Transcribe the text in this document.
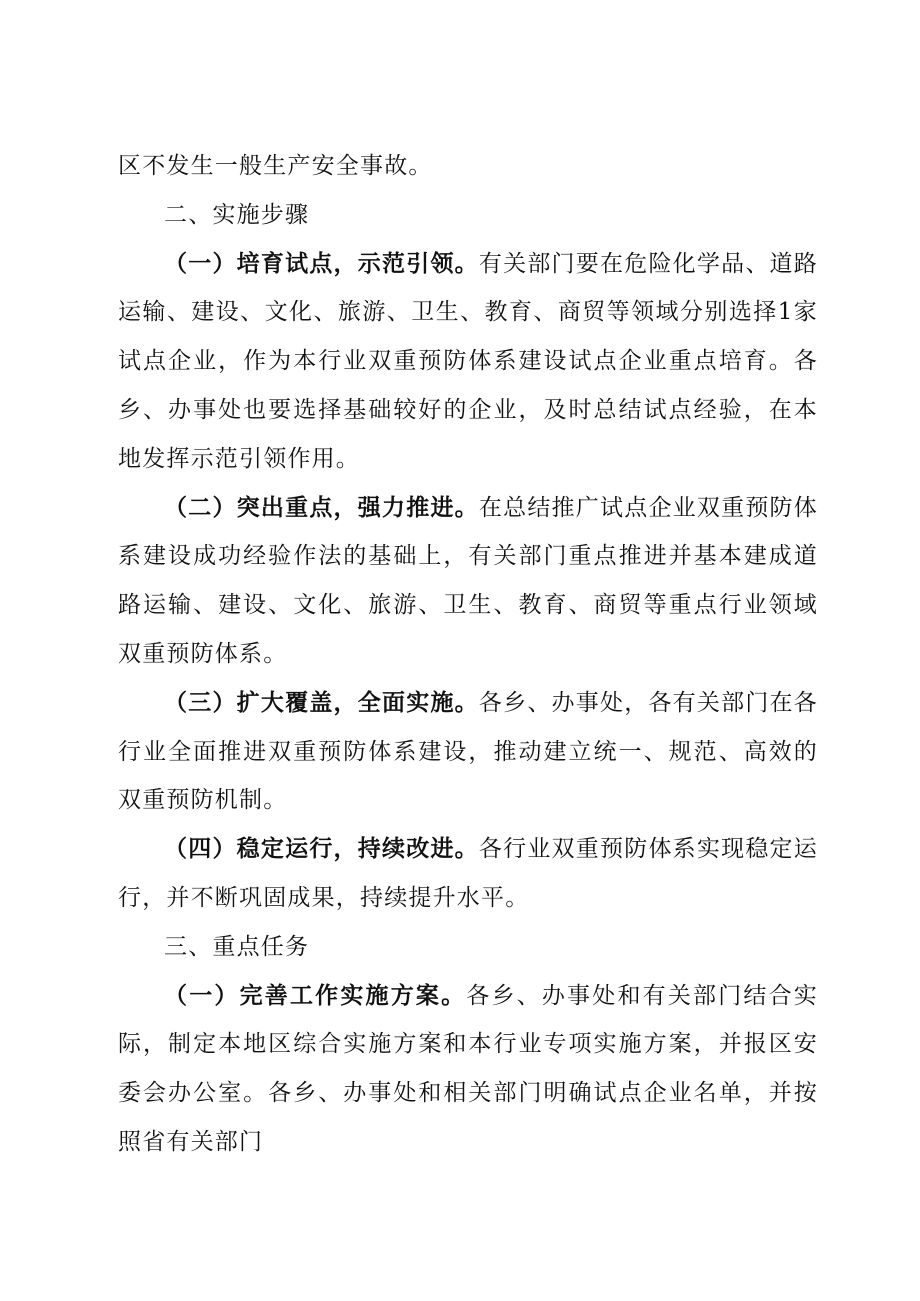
区不发生一般生产安全事故。

二、实施步骤

（一）培育试点，示范引领。有关部门要在危险化学品、道路运输、建设、文化、旅游、卫生、教育、商贸等领域分别选择1家试点企业，作为本行业双重预防体系建设试点企业重点培育。各乡、办事处也要选择基础较好的企业，及时总结试点经验，在本地发挥示范引领作用。

（二）突出重点，强力推进。在总结推广试点企业双重预防体系建设成功经验作法的基础上，有关部门重点推进并基本建成道路运输、建设、文化、旅游、卫生、教育、商贸等重点行业领域双重预防体系。

（三）扩大覆盖，全面实施。各乡、办事处，各有关部门在各行业全面推进双重预防体系建设，推动建立统一、规范、高效的双重预防机制。

（四）稳定运行，持续改进。各行业双重预防体系实现稳定运行，并不断巩固成果，持续提升水平。

三、重点任务

（一）完善工作实施方案。各乡、办事处和有关部门结合实际，制定本地区综合实施方案和本行业专项实施方案，并报区安委会办公室。各乡、办事处和相关部门明确试点企业名单，并按照省有关部门
